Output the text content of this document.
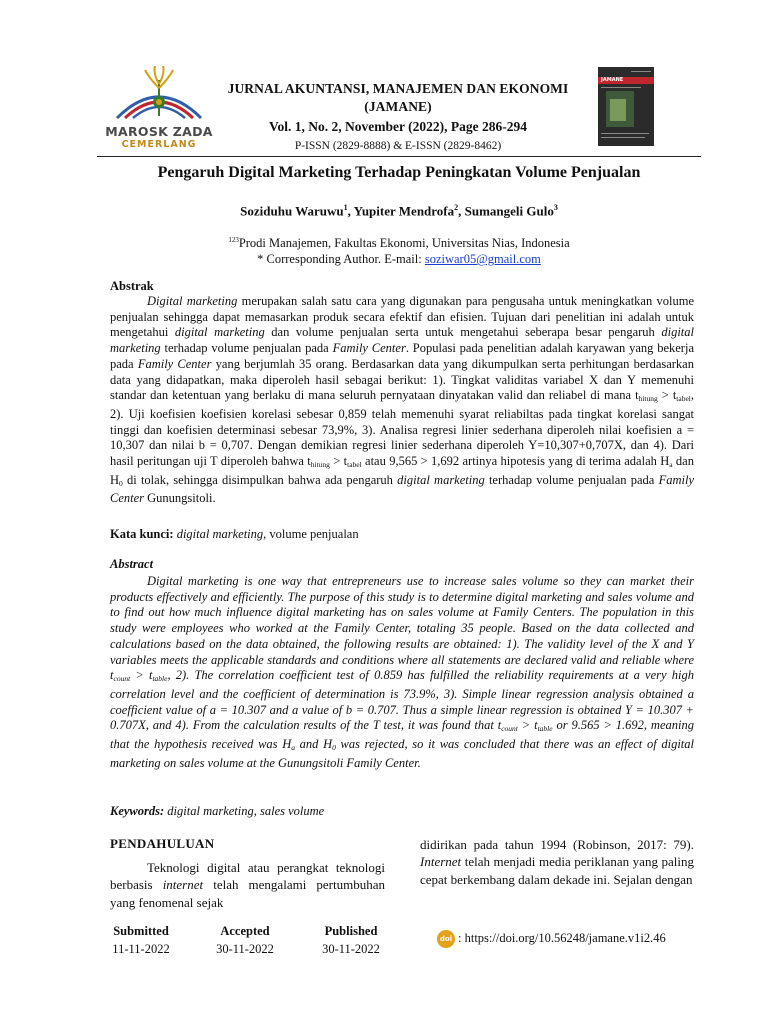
MAROSK ZADA
CEMERLANG
JURNAL AKUNTANSI, MANAJEMEN DAN EKONOMI
(JAMANE)
Vol. 1, No. 2, November (2022), Page 286-294
P-ISSN (2829-8888) & E-ISSN (2829-8462)
JAMANE
Pengaruh Digital Marketing Terhadap Peningkatan Volume Penjualan
Soziduhu Waruwu$^1$, Yupiter Mendrofa$^2$, Sumangeli Gulo$^3$
$^{123}$Prodi Manajemen, Fakultas Ekonomi, Universitas Nias, Indonesia
* Corresponding Author. E-mail: soziwar05@gmail.com
Abstrak
Digital marketing merupakan salah satu cara yang digunakan para pengusaha untuk meningkatkan volume penjualan sehingga dapat memasarkan produk secara efektif dan efisien. Tujuan dari penelitian ini adalah untuk mengetahui digital marketing dan volume penjualan serta untuk mengetahui seberapa besar pengaruh digital marketing terhadap volume penjualan pada Family Center. Populasi pada penelitian adalah karyawan yang bekerja pada Family Center yang berjumlah 35 orang. Berdasarkan data yang dikumpulkan serta perhitungan berdasarkan data yang didapatkan, maka diperoleh hasil sebagai berikut: 1). Tingkat validitas variabel X dan Y memenuhi standar dan ketentuan yang berlaku di mana seluruh pernyataan dinyatakan valid dan reliabel di mana $t_{hitung} > t_{tabel}$, 2). Uji koefisien koefisien korelasi sebesar 0,859 telah memenuhi syarat reliabiltas pada tingkat korelasi sangat tinggi dan koefisien determinasi sebesar 73,9%, 3). Analisa regresi linier sederhana diperoleh nilai koefisien a = 10,307 dan nilai b = 0,707. Dengan demikian regresi linier sederhana diperoleh Y=10,307+0,707X, dan 4). Dari hasil peritungan uji T diperoleh bahwa $t_{hitung} > t_{tabel}$ atau 9,565 > 1,692 artinya hipotesis yang di terima adalah $H_a$ dan $H_0$ di tolak, sehingga disimpulkan bahwa ada pengaruh digital marketing terhadap volume penjualan pada Family Center Gunungsitoli.
Kata kunci: digital marketing, volume penjualan
Abstract
Digital marketing is one way that entrepreneurs use to increase sales volume so they can market their products effectively and efficiently. The purpose of this study is to determine digital marketing and sales volume and to find out how much influence digital marketing has on sales volume at Family Centers. The population in this study were employees who worked at the Family Center, totaling 35 people. Based on the data collected and calculations based on the data obtained, the following results are obtained: 1). The validity level of the X and Y variables meets the applicable standards and conditions where all statements are declared valid and reliable where $t_{count} > t_{table}$, 2). The correlation coefficient test of 0.859 has fulfilled the reliability requirements at a very high correlation level and the coefficient of determination is 73.9%, 3). Simple linear regression analysis obtained a coefficient value of a = 10.307 and a value of b = 0.707. Thus a simple linear regression is obtained Y = 10.307 + 0.707X, and 4). From the calculation results of the T test, it was found that $t_{count} > t_{table}$ or 9.565 > 1.692, meaning that the hypothesis received was $H_a$ and $H_0$ was rejected, so it was concluded that there was an effect of digital marketing on sales volume at the Gunungsitoli Family Center.
Keywords: digital marketing, sales volume
PENDAHULUAN
Teknologi digital atau perangkat teknologi berbasis internet telah mengalami pertumbuhan yang fenomenal sejak
didirikan pada tahun 1994 (Robinson, 2017: 79). Internet telah menjadi media periklanan yang paling cepat berkembang dalam dekade ini. Sejalan dengan
Submitted
11-11-2022
Accepted
30-11-2022
Published
30-11-2022
doi : https://doi.org/10.56248/jamane.v1i2.46
